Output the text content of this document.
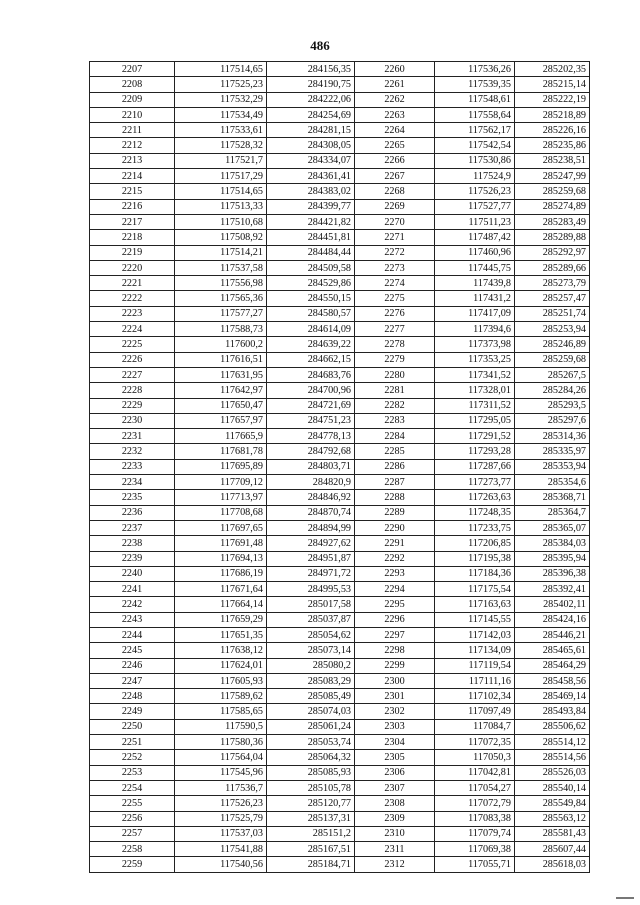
486
2207	117514,65	284156,35	2260	117536,26	285202,35
2208	117525,23	284190,75	2261	117539,35	285215,14
2209	117532,29	284222,06	2262	117548,61	285222,19
2210	117534,49	284254,69	2263	117558,64	285218,89
2211	117533,61	284281,15	2264	117562,17	285226,16
2212	117528,32	284308,05	2265	117542,54	285235,86
2213	117521,7	284334,07	2266	117530,86	285238,51
2214	117517,29	284361,41	2267	117524,9	285247,99
2215	117514,65	284383,02	2268	117526,23	285259,68
2216	117513,33	284399,77	2269	117527,77	285274,89
2217	117510,68	284421,82	2270	117511,23	285283,49
2218	117508,92	284451,81	2271	117487,42	285289,88
2219	117514,21	284484,44	2272	117460,96	285292,97
2220	117537,58	284509,58	2273	117445,75	285289,66
2221	117556,98	284529,86	2274	117439,8	285273,79
2222	117565,36	284550,15	2275	117431,2	285257,47
2223	117577,27	284580,57	2276	117417,09	285251,74
2224	117588,73	284614,09	2277	117394,6	285253,94
2225	117600,2	284639,22	2278	117373,98	285246,89
2226	117616,51	284662,15	2279	117353,25	285259,68
2227	117631,95	284683,76	2280	117341,52	285267,5
2228	117642,97	284700,96	2281	117328,01	285284,26
2229	117650,47	284721,69	2282	117311,52	285293,5
2230	117657,97	284751,23	2283	117295,05	285297,6
2231	117665,9	284778,13	2284	117291,52	285314,36
2232	117681,78	284792,68	2285	117293,28	285335,97
2233	117695,89	284803,71	2286	117287,66	285353,94
2234	117709,12	284820,9	2287	117273,77	285354,6
2235	117713,97	284846,92	2288	117263,63	285368,71
2236	117708,68	284870,74	2289	117248,35	285364,7
2237	117697,65	284894,99	2290	117233,75	285365,07
2238	117691,48	284927,62	2291	117206,85	285384,03
2239	117694,13	284951,87	2292	117195,38	285395,94
2240	117686,19	284971,72	2293	117184,36	285396,38
2241	117671,64	284995,53	2294	117175,54	285392,41
2242	117664,14	285017,58	2295	117163,63	285402,11
2243	117659,29	285037,87	2296	117145,55	285424,16
2244	117651,35	285054,62	2297	117142,03	285446,21
2245	117638,12	285073,14	2298	117134,09	285465,61
2246	117624,01	285080,2	2299	117119,54	285464,29
2247	117605,93	285083,29	2300	117111,16	285458,56
2248	117589,62	285085,49	2301	117102,34	285469,14
2249	117585,65	285074,03	2302	117097,49	285493,84
2250	117590,5	285061,24	2303	117084,7	285506,62
2251	117580,36	285053,74	2304	117072,35	285514,12
2252	117564,04	285064,32	2305	117050,3	285514,56
2253	117545,96	285085,93	2306	117042,81	285526,03
2254	117536,7	285105,78	2307	117054,27	285540,14
2255	117526,23	285120,77	2308	117072,79	285549,84
2256	117525,79	285137,31	2309	117083,38	285563,12
2257	117537,03	285151,2	2310	117079,74	285581,43
2258	117541,88	285167,51	2311	117069,38	285607,44
2259	117540,56	285184,71	2312	117055,71	285618,03
